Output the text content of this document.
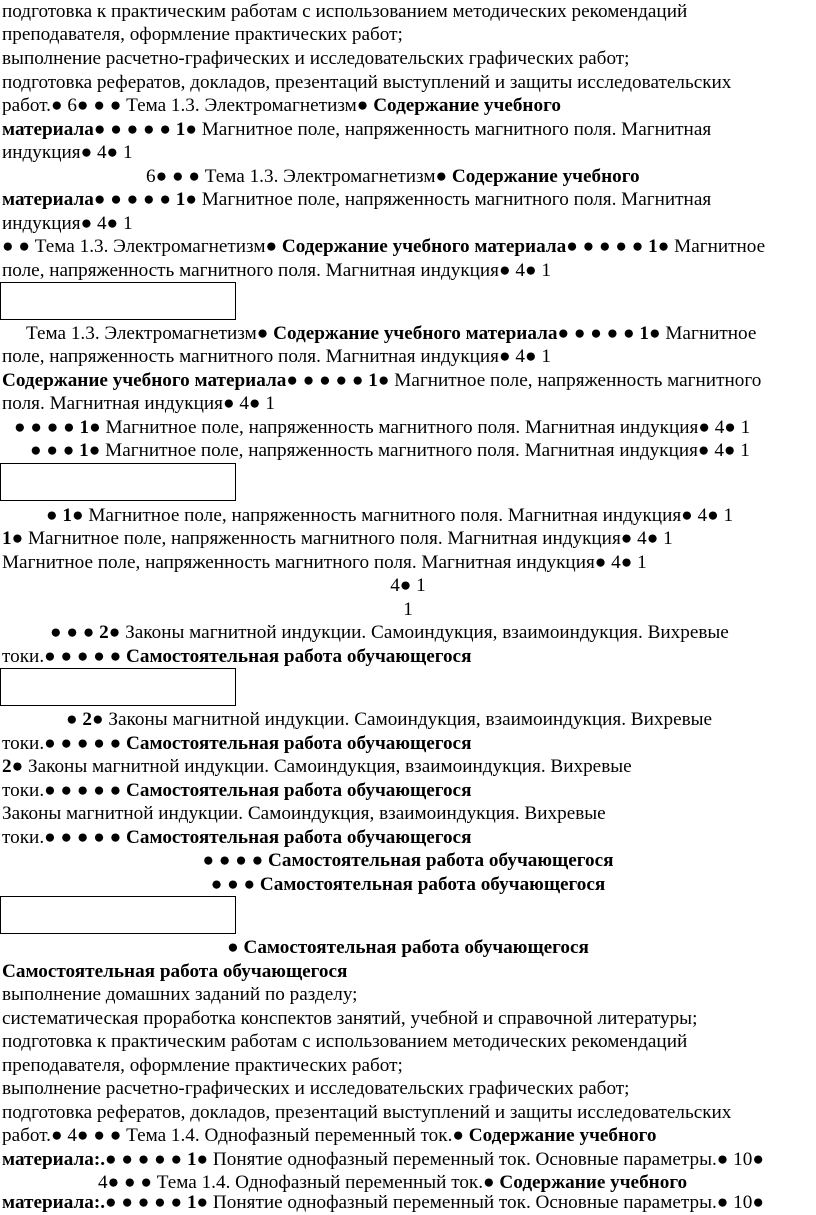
подготовка к практическим работам с использованием методических рекомендаций
преподавателя, оформление практических работ;
выполнение расчетно-графических и исследовательских графических работ;
подготовка рефератов, докладов, презентаций выступлений и защиты исследовательских
работ.● 6● ● ● Тема 1.3. Электромагнетизм● Содержание учебного
материала● ● ● ● ● 1● Магнитное поле, напряженность магнитного поля. Магнитная
индукция● 4● 1
6● ● ● Тема 1.3. Электромагнетизм● Содержание учебного
материала● ● ● ● ● 1● Магнитное поле, напряженность магнитного поля. Магнитная
индукция● 4● 1
● ● Тема 1.3. Электромагнетизм● Содержание учебного материала● ● ● ● ● 1● Магнитное
поле, напряженность магнитного поля. Магнитная индукция● 4● 1
Тема 1.3. Электромагнетизм● Содержание учебного материала● ● ● ● ● 1● Магнитное
поле, напряженность магнитного поля. Магнитная индукция● 4● 1
Содержание учебного материала● ● ● ● ● 1● Магнитное поле, напряженность магнитного
поля. Магнитная индукция● 4● 1
● ● ● ● 1● Магнитное поле, напряженность магнитного поля. Магнитная индукция● 4● 1
● ● ● 1● Магнитное поле, напряженность магнитного поля. Магнитная индукция● 4● 1
● 1● Магнитное поле, напряженность магнитного поля. Магнитная индукция● 4● 1
1● Магнитное поле, напряженность магнитного поля. Магнитная индукция● 4● 1
Магнитное поле, напряженность магнитного поля. Магнитная индукция● 4● 1
4● 1
1
● ● ● 2● Законы магнитной индукции. Самоиндукция, взаимоиндукция. Вихревые
токи.● ● ● ● ● Самостоятельная работа обучающегося
● 2● Законы магнитной индукции. Самоиндукция, взаимоиндукция. Вихревые
токи.● ● ● ● ● Самостоятельная работа обучающегося
2● Законы магнитной индукции. Самоиндукция, взаимоиндукция. Вихревые
токи.● ● ● ● ● Самостоятельная работа обучающегося
Законы магнитной индукции. Самоиндукция, взаимоиндукция. Вихревые
токи.● ● ● ● ● Самостоятельная работа обучающегося
● ● ● ● Самостоятельная работа обучающегося
● ● ● Самостоятельная работа обучающегося
● Самостоятельная работа обучающегося
Самостоятельная работа обучающегося
выполнение домашних заданий по разделу;
систематическая проработка конспектов занятий, учебной и справочной литературы;
подготовка к практическим работам с использованием методических рекомендаций
преподавателя, оформление практических работ;
выполнение расчетно-графических и исследовательских графических работ;
подготовка рефератов, докладов, презентаций выступлений и защиты исследовательских
работ.● 4● ● ● Тема 1.4. Однофазный переменный ток.● Содержание учебного
материала:.● ● ● ● ● 1● Понятие однофазный переменный ток. Основные параметры.● 10●
4● ● ● Тема 1.4. Однофазный переменный ток.● Содержание учебного
материала:.● ● ● ● ● 1● Понятие однофазный переменный ток. Основные параметры.● 10●
